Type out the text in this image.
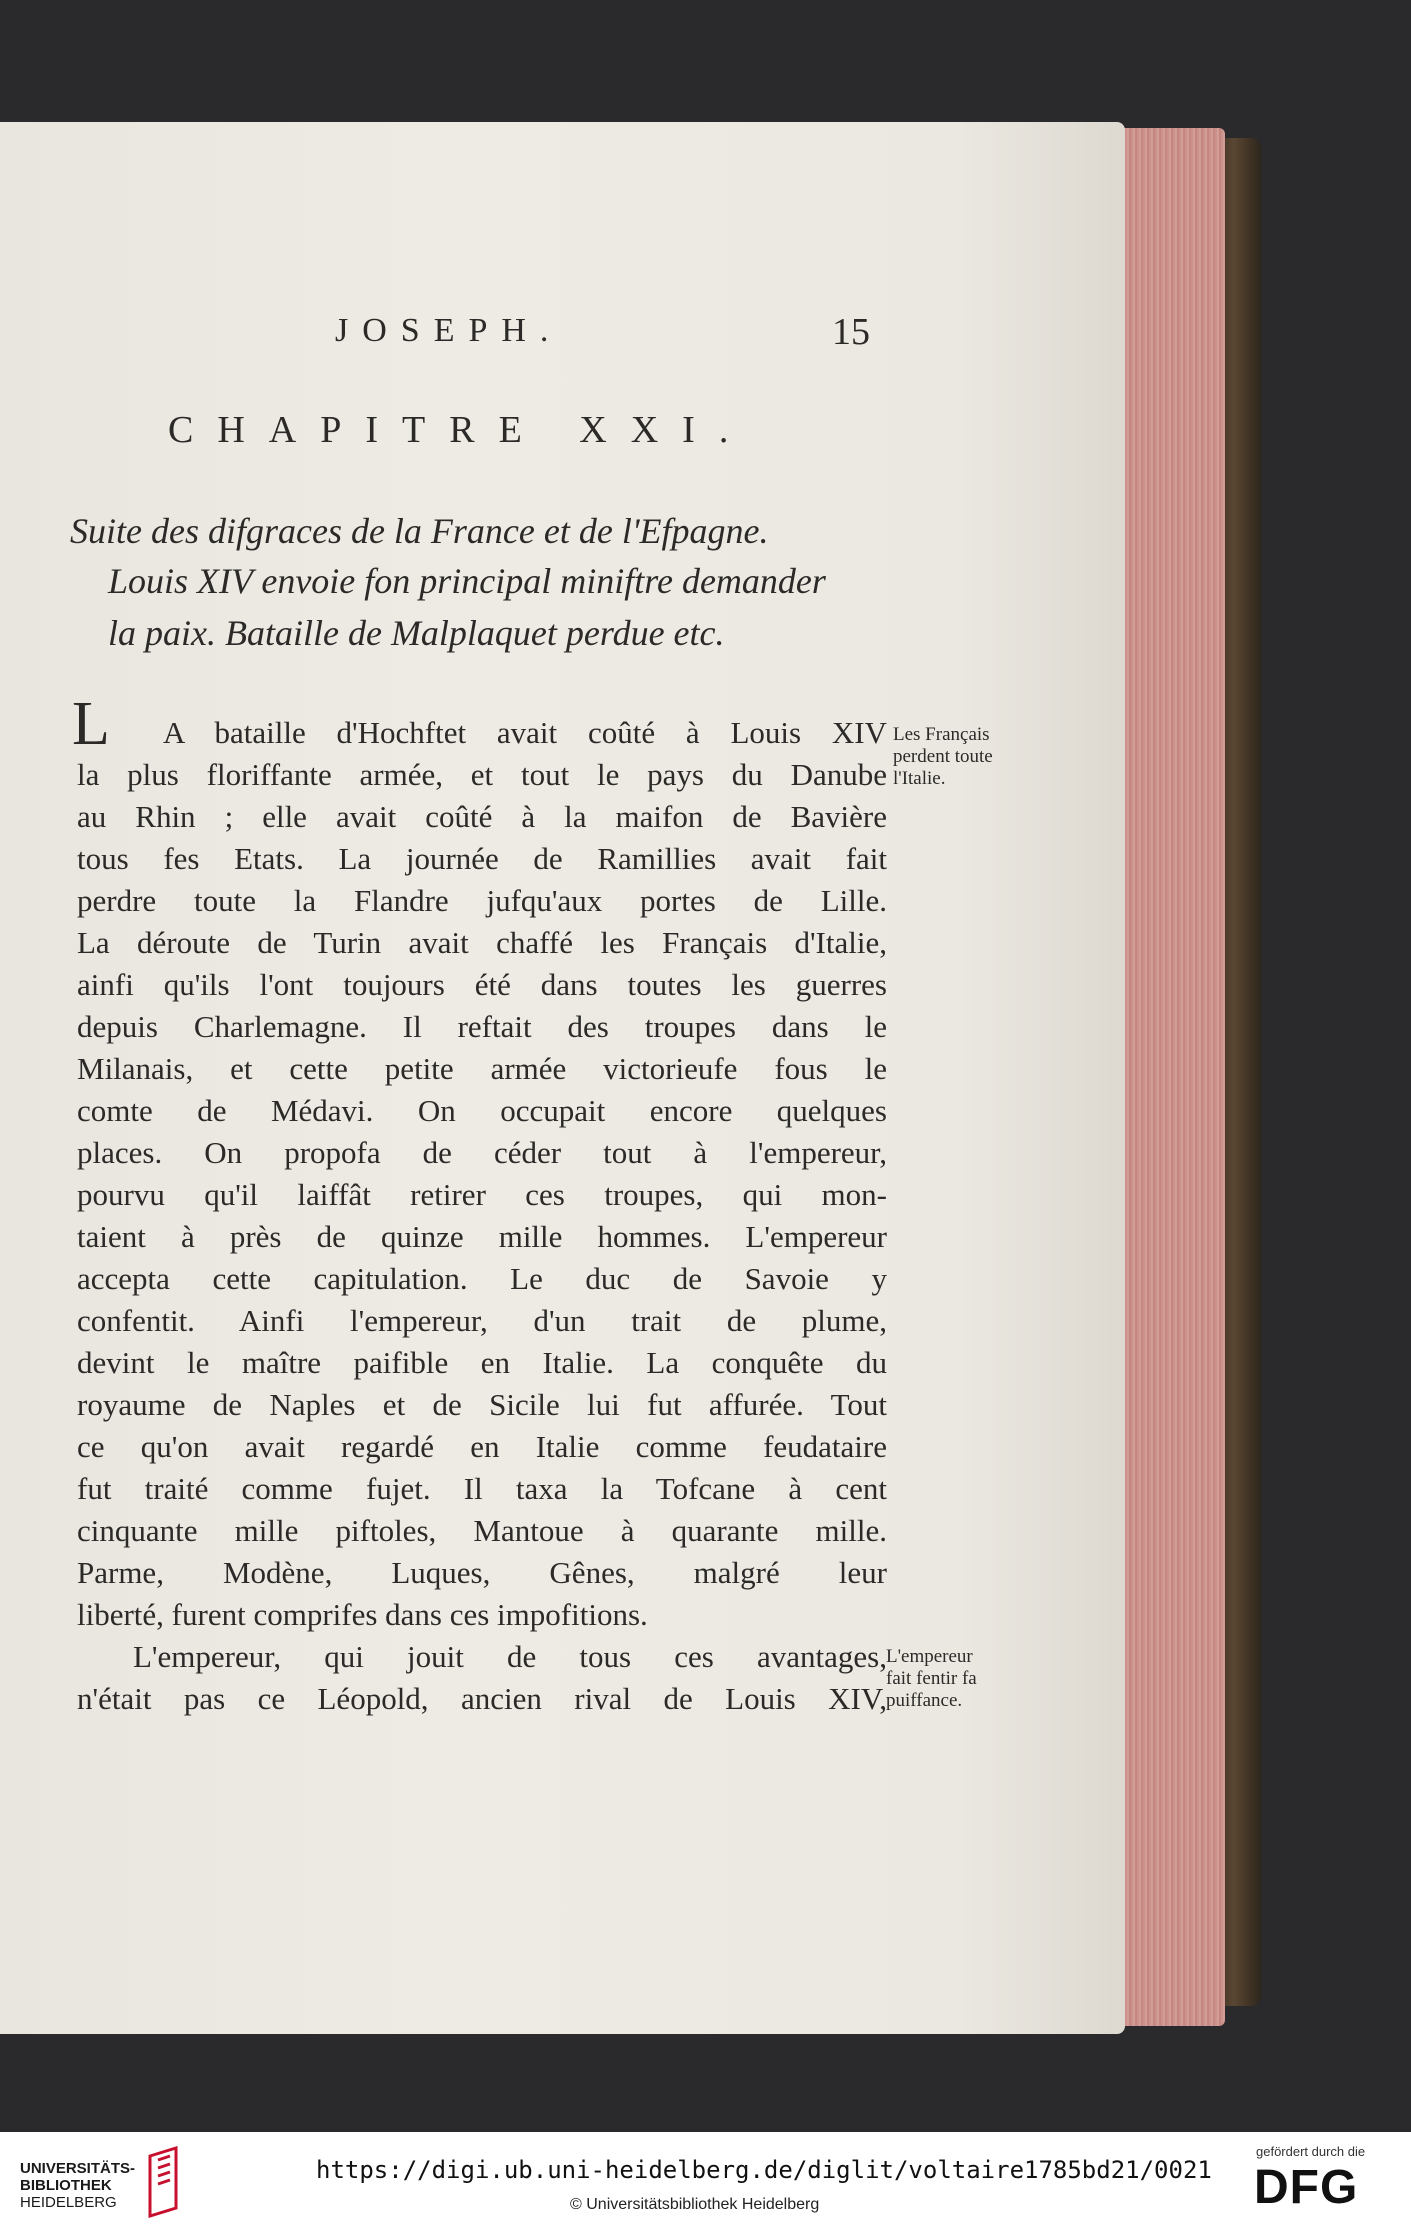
JOSEPH.	15
CHAPITRE XXI.
Suite des difgraces de la France et de l'Efpagne.
Louis XIV envoie fon principal miniftre demander
la paix. Bataille de Malplaquet perdue etc.
L	A bataille d'Hochftet avait coûté à Louis XIV
la plus floriffante armée, et tout le pays du Danube
au Rhin ; elle avait coûté à la maifon de Bavière
tous fes Etats. La journée de Ramillies avait fait
perdre toute la Flandre jufqu'aux portes de Lille.
La déroute de Turin avait chaffé les Français d'Italie,
ainfi qu'ils l'ont toujours été dans toutes les guerres
depuis Charlemagne. Il reftait des troupes dans le
Milanais, et cette petite armée victorieufe fous le
comte de Médavi. On occupait encore quelques
places. On propofa de céder tout à l'empereur,
pourvu qu'il laiffât retirer ces troupes, qui mon-
taient à près de quinze mille hommes. L'empereur
accepta cette capitulation. Le duc de Savoie y
confentit. Ainfi l'empereur, d'un trait de plume,
devint le maître paifible en Italie. La conquête du
royaume de Naples et de Sicile lui fut affurée. Tout
ce qu'on avait regardé en Italie comme feudataire
fut traité comme fujet. Il taxa la Tofcane à cent
cinquante mille piftoles, Mantoue à quarante mille.
Parme, Modène, Luques, Gênes, malgré leur
liberté, furent comprifes dans ces impofitions.
L'empereur, qui jouit de tous ces avantages,
n'était pas ce Léopold, ancien rival de Louis XIV,
Les Français
perdent toute
l'Italie.
L'empereur
fait fentir fa
puiffance.
UNIVERSITÄTS-
BIBLIOTHEK
HEIDELBERG
https://digi.ub.uni-heidelberg.de/diglit/voltaire1785bd21/0021
© Universitätsbibliothek Heidelberg
gefördert durch die
DFG
